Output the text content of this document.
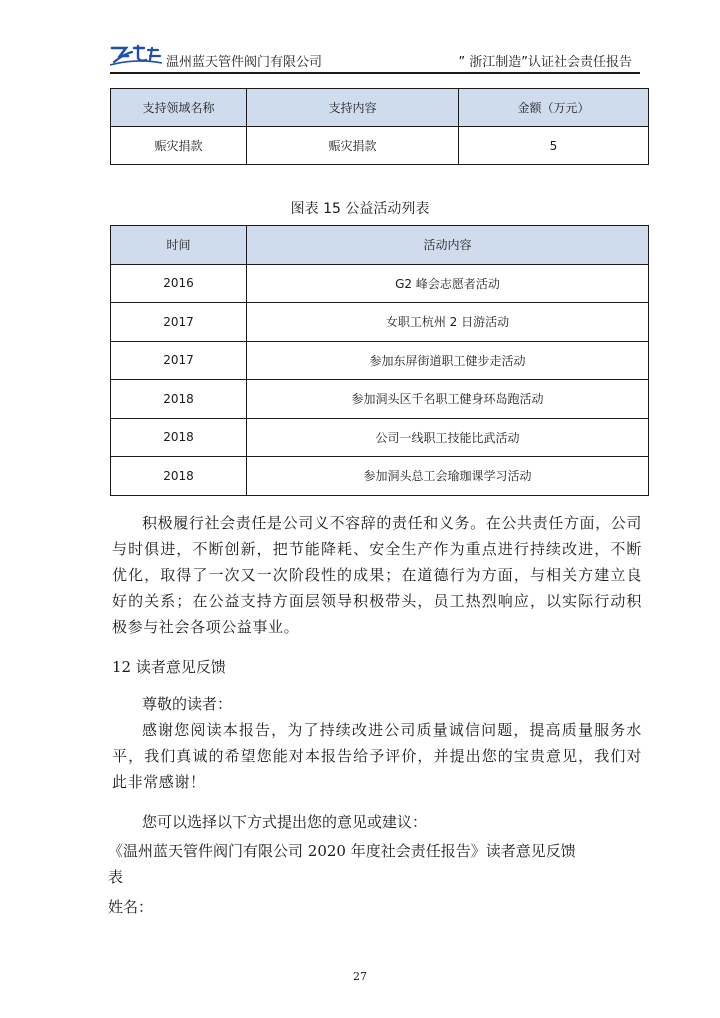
温州蓝天管件阀门有限公司	” 浙江制造”认证社会责任报告
支持领域名称	支持内容	金额（万元）
赈灾捐款	赈灾捐款	5
图表 15 公益活动列表
时间	活动内容
2016	G2 峰会志愿者活动
2017	女职工杭州 2 日游活动
2017	参加东屏街道职工健步走活动
2018	参加洞头区千名职工健身环岛跑活动
2018	公司一线职工技能比武活动
2018	参加洞头总工会瑜珈课学习活动

积极履行社会责任是公司义不容辞的责任和义务。在公共责任方面，公司与时俱进，不断创新，把节能降耗、安全生产作为重点进行持续改进，不断优化，取得了一次又一次阶段性的成果；在道德行为方面，与相关方建立良好的关系；在公益支持方面层领导积极带头，员工热烈响应，以实际行动积极参与社会各项公益事业。

12 读者意见反馈
尊敬的读者：

感谢您阅读本报告，为了持续改进公司质量诚信问题，提高质量服务水平，我们真诚的希望您能对本报告给予评价，并提出您的宝贵意见，我们对此非常感谢！

您可以选择以下方式提出您的意见或建议：
《温州蓝天管件阀门有限公司 2020 年度社会责任报告》读者意见反馈
表
姓名：
27
